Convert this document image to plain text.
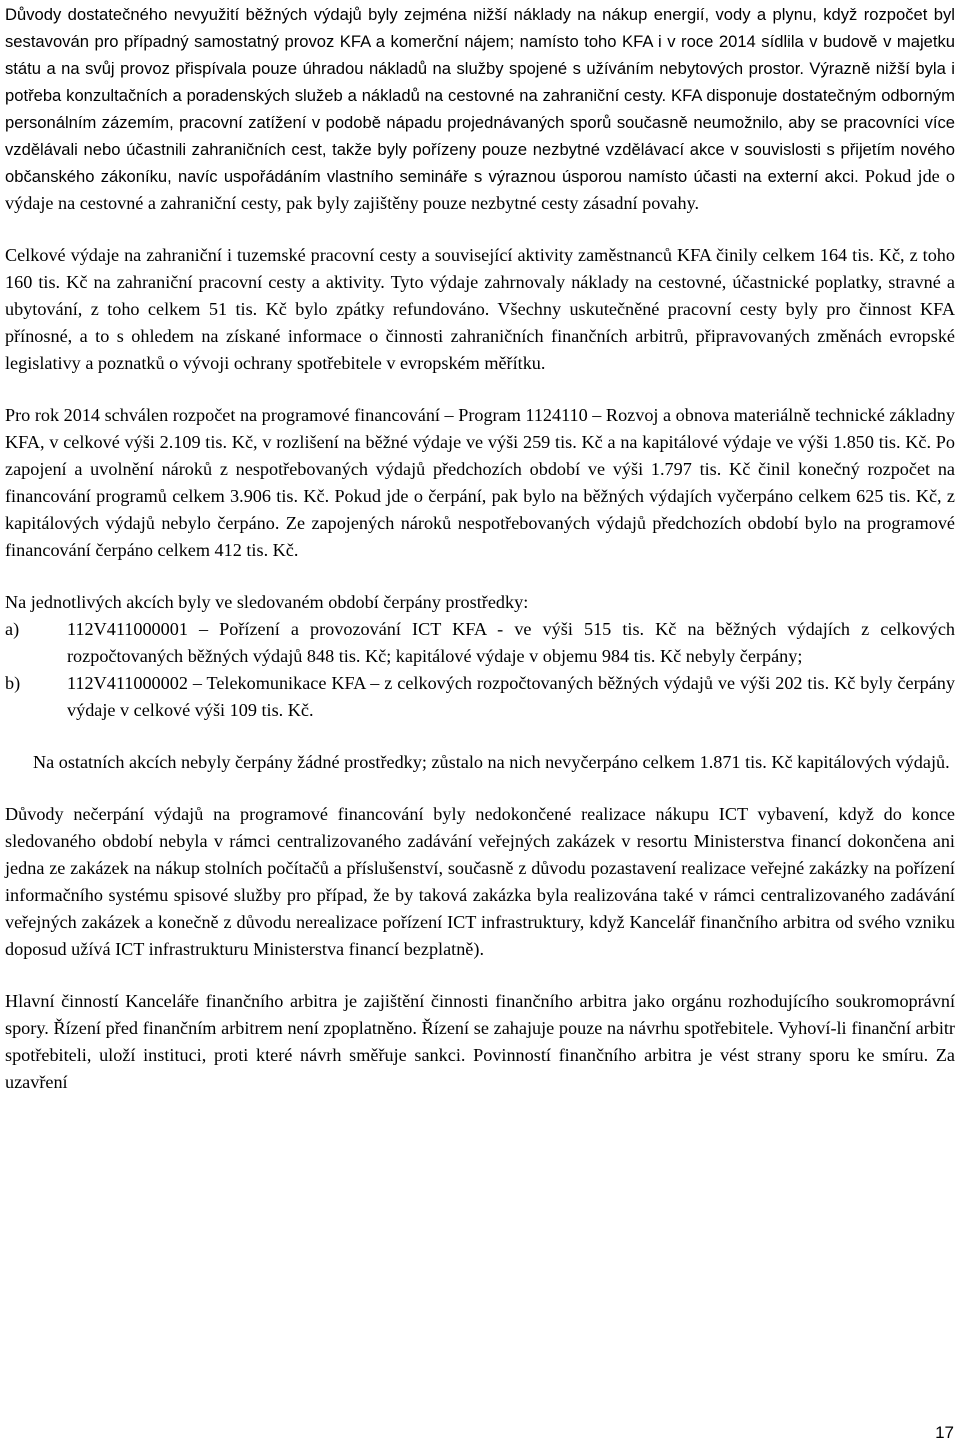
Důvody dostatečného nevyužití běžných výdajů byly zejména nižší náklady na nákup energií, vody a plynu, když rozpočet byl sestavován pro případný samostatný provoz KFA a komerční nájem; namísto toho KFA i v roce 2014 sídlila v budově v majetku státu a na svůj provoz přispívala pouze úhradou nákladů na služby spojené s užíváním nebytových prostor. Výrazně nižší byla i potřeba konzultačních a poradenských služeb a nákladů na cestovné na zahraniční cesty. KFA disponuje dostatečným odborným personálním zázemím, pracovní zatížení v podobě nápadu projednávaných sporů současně neumožnilo, aby se pracovníci více vzdělávali nebo účastnili zahraničních cest, takže byly pořízeny pouze nezbytné vzdělávací akce v souvislosti s přijetím nového občanského zákoníku, navíc uspořádáním vlastního semináře s výraznou úsporou namísto účasti na externí akci. Pokud jde o výdaje na cestovné a zahraniční cesty, pak byly zajištěny pouze nezbytné cesty zásadní povahy.

Celkové výdaje na zahraniční i tuzemské pracovní cesty a související aktivity zaměstnanců KFA činily celkem 164 tis. Kč, z toho 160 tis. Kč na zahraniční pracovní cesty a aktivity. Tyto výdaje zahrnovaly náklady na cestovné, účastnické poplatky, stravné a ubytování, z toho celkem 51 tis. Kč bylo zpátky refundováno. Všechny uskutečněné pracovní cesty byly pro činnost KFA přínosné, a to s ohledem na získané informace o činnosti zahraničních finančních arbitrů, připravovaných změnách evropské legislativy a poznatků o vývoji ochrany spotřebitele v evropském měřítku.

Pro rok 2014 schválen rozpočet na programové financování – Program 1124110 – Rozvoj a obnova materiálně technické základny KFA, v celkové výši 2.109 tis. Kč, v rozlišení na běžné výdaje ve výši 259 tis. Kč a na kapitálové výdaje ve výši 1.850 tis. Kč. Po zapojení a uvolnění nároků z nespotřebovaných výdajů předchozích období ve výši 1.797 tis. Kč činil konečný rozpočet na financování programů celkem 3.906 tis. Kč. Pokud jde o čerpání, pak bylo na běžných výdajích vyčerpáno celkem 625 tis. Kč, z kapitálových výdajů nebylo čerpáno. Ze zapojených nároků nespotřebovaných výdajů předchozích období bylo na programové financování čerpáno celkem 412 tis. Kč.

Na jednotlivých akcích byly ve sledovaném období čerpány prostředky:

a)	112V411000001 – Pořízení a provozování ICT KFA - ve výši 515 tis. Kč na běžných výdajích z celkových rozpočtovaných běžných výdajů 848 tis. Kč; kapitálové výdaje v objemu 984 tis. Kč nebyly čerpány;
b)	112V411000002 – Telekomunikace KFA – z celkových rozpočtovaných běžných výdajů ve výši 202 tis. Kč byly čerpány výdaje v celkové výši 109 tis. Kč.

Na ostatních akcích nebyly čerpány žádné prostředky; zůstalo na nich nevyčerpáno celkem 1.871 tis. Kč kapitálových výdajů.

Důvody nečerpání výdajů na programové financování byly nedokončené realizace nákupu ICT vybavení, když do konce sledovaného období nebyla v rámci centralizovaného zadávání veřejných zakázek v resortu Ministerstva financí dokončena ani jedna ze zakázek na nákup stolních počítačů a příslušenství, současně z důvodu pozastavení realizace veřejné zakázky na pořízení informačního systému spisové služby pro případ, že by taková zakázka byla realizována také v rámci centralizovaného zadávání veřejných zakázek a konečně z důvodu nerealizace pořízení ICT infrastruktury, když Kancelář finančního arbitra od svého vzniku doposud užívá ICT infrastrukturu Ministerstva financí bezplatně).

Hlavní činností Kanceláře finančního arbitra je zajištění činnosti finančního arbitra jako orgánu rozhodujícího soukromoprávní spory. Řízení před finančním arbitrem není zpoplatněno. Řízení se zahajuje pouze na návrhu spotřebitele. Vyhoví-li finanční arbitr spotřebiteli, uloží instituci, proti které návrh směřuje sankci. Povinností finančního arbitra je vést strany sporu ke smíru. Za uzavření

17
